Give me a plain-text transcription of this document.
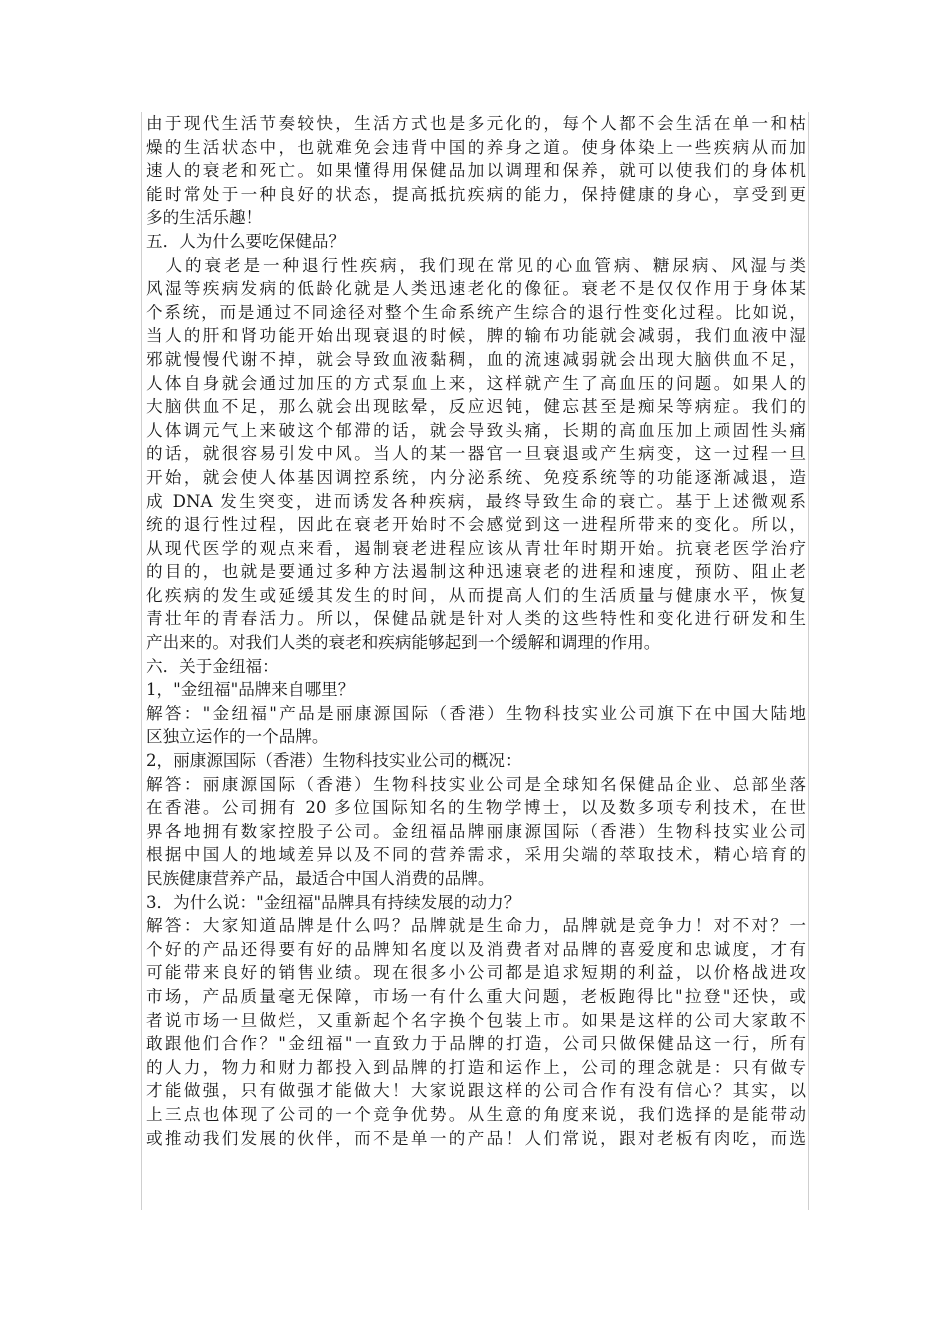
由于现代生活节奏较快，生活方式也是多元化的，每个人都不会生活在单一和枯
燥的生活状态中，也就难免会违背中国的养身之道。使身体染上一些疾病从而加
速人的衰老和死亡。如果懂得用保健品加以调理和保养，就可以使我们的身体机
能时常处于一种良好的状态，提高抵抗疾病的能力，保持健康的身心，享受到更
多的生活乐趣！
五．人为什么要吃保健品？
　人的衰老是一种退行性疾病，我们现在常见的心血管病、糖尿病、风湿与类
风湿等疾病发病的低龄化就是人类迅速老化的像征。衰老不是仅仅作用于身体某
个系统，而是通过不同途径对整个生命系统产生综合的退行性变化过程。比如说，
当人的肝和肾功能开始出现衰退的时候，脾的输布功能就会减弱，我们血液中湿
邪就慢慢代谢不掉，就会导致血液黏稠，血的流速减弱就会出现大脑供血不足，
人体自身就会通过加压的方式泵血上来，这样就产生了高血压的问题。如果人的
大脑供血不足，那么就会出现眩晕，反应迟钝，健忘甚至是痴呆等病症。我们的
人体调元气上来破这个郁滞的话，就会导致头痛，长期的高血压加上顽固性头痛
的话，就很容易引发中风。当人的某一器官一旦衰退或产生病变，这一过程一旦
开始，就会使人体基因调控系统，内分泌系统、免疫系统等的功能逐渐减退，造
成 DNA 发生突变，进而诱发各种疾病，最终导致生命的衰亡。基于上述微观系
统的退行性过程，因此在衰老开始时不会感觉到这一进程所带来的变化。所以，
从现代医学的观点来看，遏制衰老进程应该从青壮年时期开始。抗衰老医学治疗
的目的，也就是要通过多种方法遏制这种迅速衰老的进程和速度，预防、阻止老
化疾病的发生或延缓其发生的时间，从而提高人们的生活质量与健康水平，恢复
青壮年的青春活力。所以，保健品就是针对人类的这些特性和变化进行研发和生
产出来的。对我们人类的衰老和疾病能够起到一个缓解和调理的作用。
六．关于金纽福：
1，"金纽福"品牌来自哪里？
解答："金纽福"产品是丽康源国际（香港）生物科技实业公司旗下在中国大陆地
区独立运作的一个品牌。
2，丽康源国际（香港）生物科技实业公司的概况：
解答：丽康源国际（香港）生物科技实业公司是全球知名保健品企业、总部坐落
在香港。公司拥有 20 多位国际知名的生物学博士，以及数多项专利技术，在世
界各地拥有数家控股子公司。金纽福品牌丽康源国际（香港）生物科技实业公司
根据中国人的地域差异以及不同的营养需求，采用尖端的萃取技术，精心培育的
民族健康营养产品，最适合中国人消费的品牌。
3．为什么说："金纽福"品牌具有持续发展的动力？
解答：大家知道品牌是什么吗？品牌就是生命力，品牌就是竞争力！对不对？一
个好的产品还得要有好的品牌知名度以及消费者对品牌的喜爱度和忠诚度，才有
可能带来良好的销售业绩。现在很多小公司都是追求短期的利益，以价格战进攻
市场，产品质量毫无保障，市场一有什么重大问题，老板跑得比"拉登"还快，或
者说市场一旦做烂，又重新起个名字换个包装上市。如果是这样的公司大家敢不
敢跟他们合作？"金纽福"一直致力于品牌的打造，公司只做保健品这一行，所有
的人力，物力和财力都投入到品牌的打造和运作上，公司的理念就是：只有做专
才能做强，只有做强才能做大！大家说跟这样的公司合作有没有信心？其实，以
上三点也体现了公司的一个竞争优势。从生意的角度来说，我们选择的是能带动
或推动我们发展的伙伴，而不是单一的产品！人们常说，跟对老板有肉吃，而选
